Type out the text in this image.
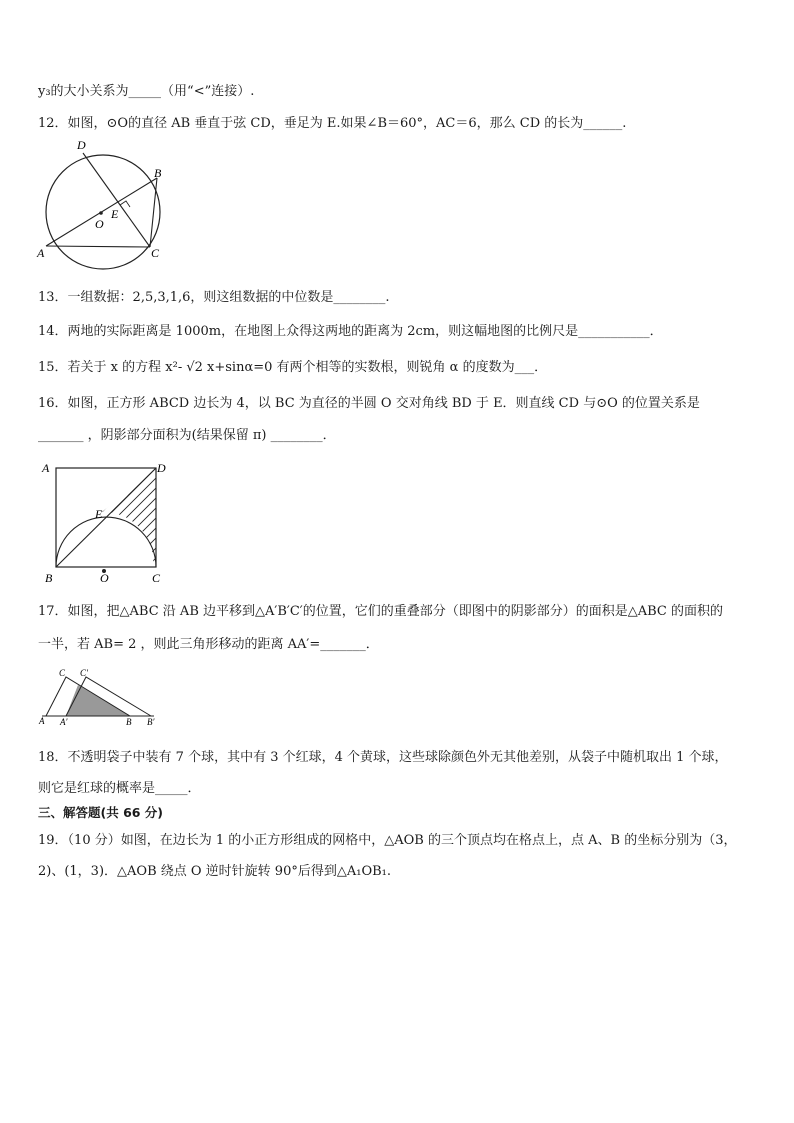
y₃的大小关系为_____（用“<”连接）.
12．如图，⊙O的直径 AB 垂直于弦 CD，垂足为 E.如果∠B＝60°，AC＝6，那么 CD 的长为______.
D
B
E
O
A	C
13．一组数据：2,5,3,1,6，则这组数据的中位数是________.
14．两地的实际距离是 1000m，在地图上众得这两地的距离为 2cm，则这幅地图的比例尺是___________．
15．若关于 x 的方程 x²- √2 x+sinα=0 有两个相等的实数根，则锐角 α 的度数为___．
16．如图，正方形 ABCD 边长为 4，以 BC 为直径的半圆 O 交对角线 BD 于 E．则直线 CD 与⊙O 的位置关系是
_______ ，阴影部分面积为(结果保留 π) ________．
A	D
E
B	O	C
17．如图，把△ABC 沿 AB 边平移到△A′B′C′的位置，它们的重叠部分（即图中的阴影部分）的面积是△ABC 的面积的
一半，若 AB= 2 ，则此三角形移动的距离 AA′=_______．
C C′
A A′	B B′
18．不透明袋子中装有 7 个球，其中有 3 个红球，4 个黄球，这些球除颜色外无其他差别，从袋子中随机取出 1 个球，
则它是红球的概率是_____．
三、解答题(共 66 分)
19．（10 分）如图，在边长为 1 的小正方形组成的网格中，△AOB 的三个顶点均在格点上，点 A、B 的坐标分别为（3，
2)、(1，3)．△AOB 绕点 O 逆时针旋转 90°后得到△A₁OB₁.
